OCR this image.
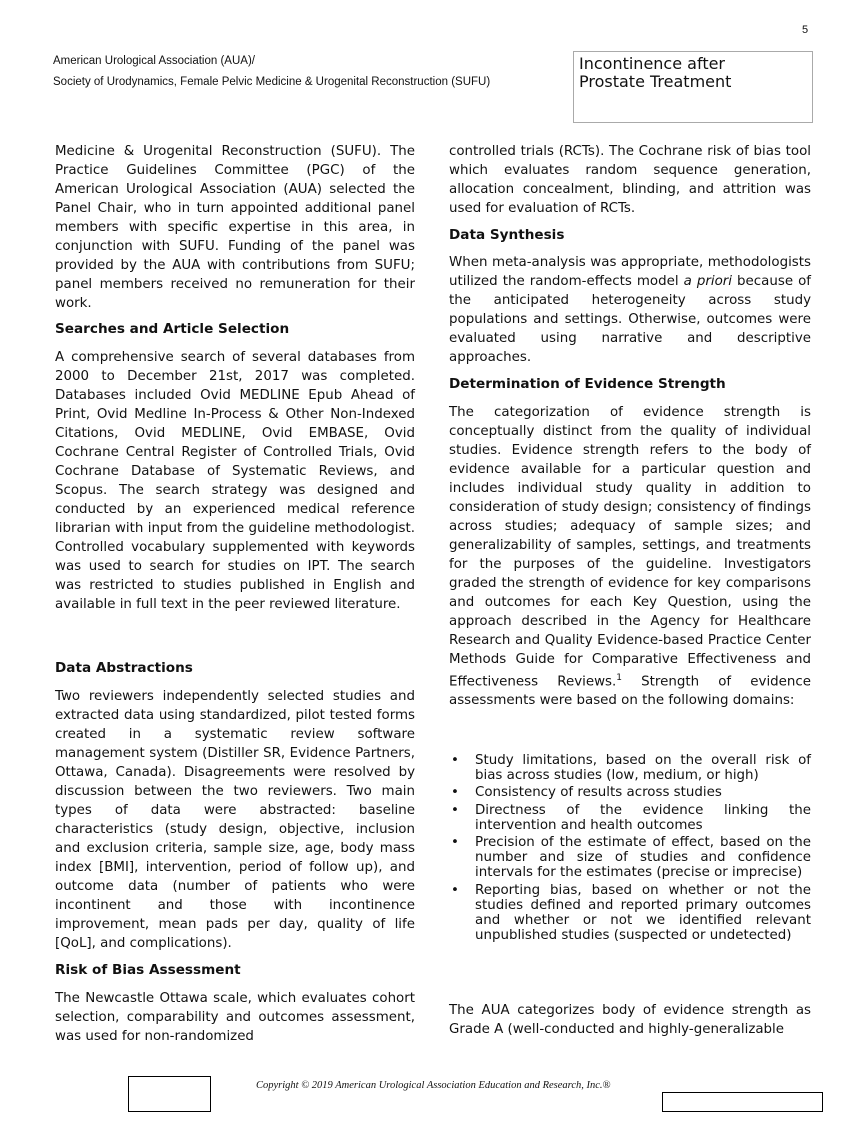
5
American Urological Association (AUA)/
Society of Urodynamics, Female Pelvic Medicine & Urogenital Reconstruction (SUFU)
Incontinence after
Prostate Treatment

Medicine & Urogenital Reconstruction (SUFU). The Practice Guidelines Committee (PGC) of the American Urological Association (AUA) selected the Panel Chair, who in turn appointed additional panel members with specific expertise in this area, in conjunction with SUFU. Funding of the panel was provided by the AUA with contributions from SUFU; panel members received no remuneration for their work.

Searches and Article Selection

A comprehensive search of several databases from 2000 to December 21st, 2017 was completed. Databases included Ovid MEDLINE Epub Ahead of Print, Ovid Medline In-Process & Other Non-Indexed Citations, Ovid MEDLINE, Ovid EMBASE, Ovid Cochrane Central Register of Controlled Trials, Ovid Cochrane Database of Systematic Reviews, and Scopus. The search strategy was designed and conducted by an experienced medical reference librarian with input from the guideline methodologist. Controlled vocabulary supplemented with keywords was used to search for studies on IPT. The search was restricted to studies published in English and available in full text in the peer reviewed literature.

Data Abstractions

Two reviewers independently selected studies and extracted data using standardized, pilot tested forms created in a systematic review software management system (Distiller SR, Evidence Partners, Ottawa, Canada). Disagreements were resolved by discussion between the two reviewers. Two main types of data were abstracted: baseline characteristics (study design, objective, inclusion and exclusion criteria, sample size, age, body mass index [BMI], intervention, period of follow up), and outcome data (number of patients who were incontinent and those with incontinence improvement, mean pads per day, quality of life [QoL], and complications).

Risk of Bias Assessment

The Newcastle Ottawa scale, which evaluates cohort selection, comparability and outcomes assessment, was used for non-randomized

controlled trials (RCTs). The Cochrane risk of bias tool which evaluates random sequence generation, allocation concealment, blinding, and attrition was used for evaluation of RCTs.

Data Synthesis

When meta-analysis was appropriate, methodologists utilized the random-effects model a priori because of the anticipated heterogeneity across study populations and settings. Otherwise, outcomes were evaluated using narrative and descriptive approaches.

Determination of Evidence Strength

The categorization of evidence strength is conceptually distinct from the quality of individual studies. Evidence strength refers to the body of evidence available for a particular question and includes individual study quality in addition to consideration of study design; consistency of findings across studies; adequacy of sample sizes; and generalizability of samples, settings, and treatments for the purposes of the guideline. Investigators graded the strength of evidence for key comparisons and outcomes for each Key Question, using the approach described in the Agency for Healthcare Research and Quality Evidence-based Practice Center Methods Guide for Comparative Effectiveness and Effectiveness Reviews.$^1$ Strength of evidence assessments were based on the following domains:

• Study limitations, based on the overall risk of bias across studies (low, medium, or high)
• Consistency of results across studies
• Directness of the evidence linking the intervention and health outcomes
• Precision of the estimate of effect, based on the number and size of studies and confidence intervals for the estimates (precise or imprecise)
• Reporting bias, based on whether or not the studies defined and reported primary outcomes and whether or not we identified relevant unpublished studies (suspected or undetected)

The AUA categorizes body of evidence strength as Grade A (well-conducted and highly-generalizable

Copyright © 2019 American Urological Association Education and Research, Inc.®
